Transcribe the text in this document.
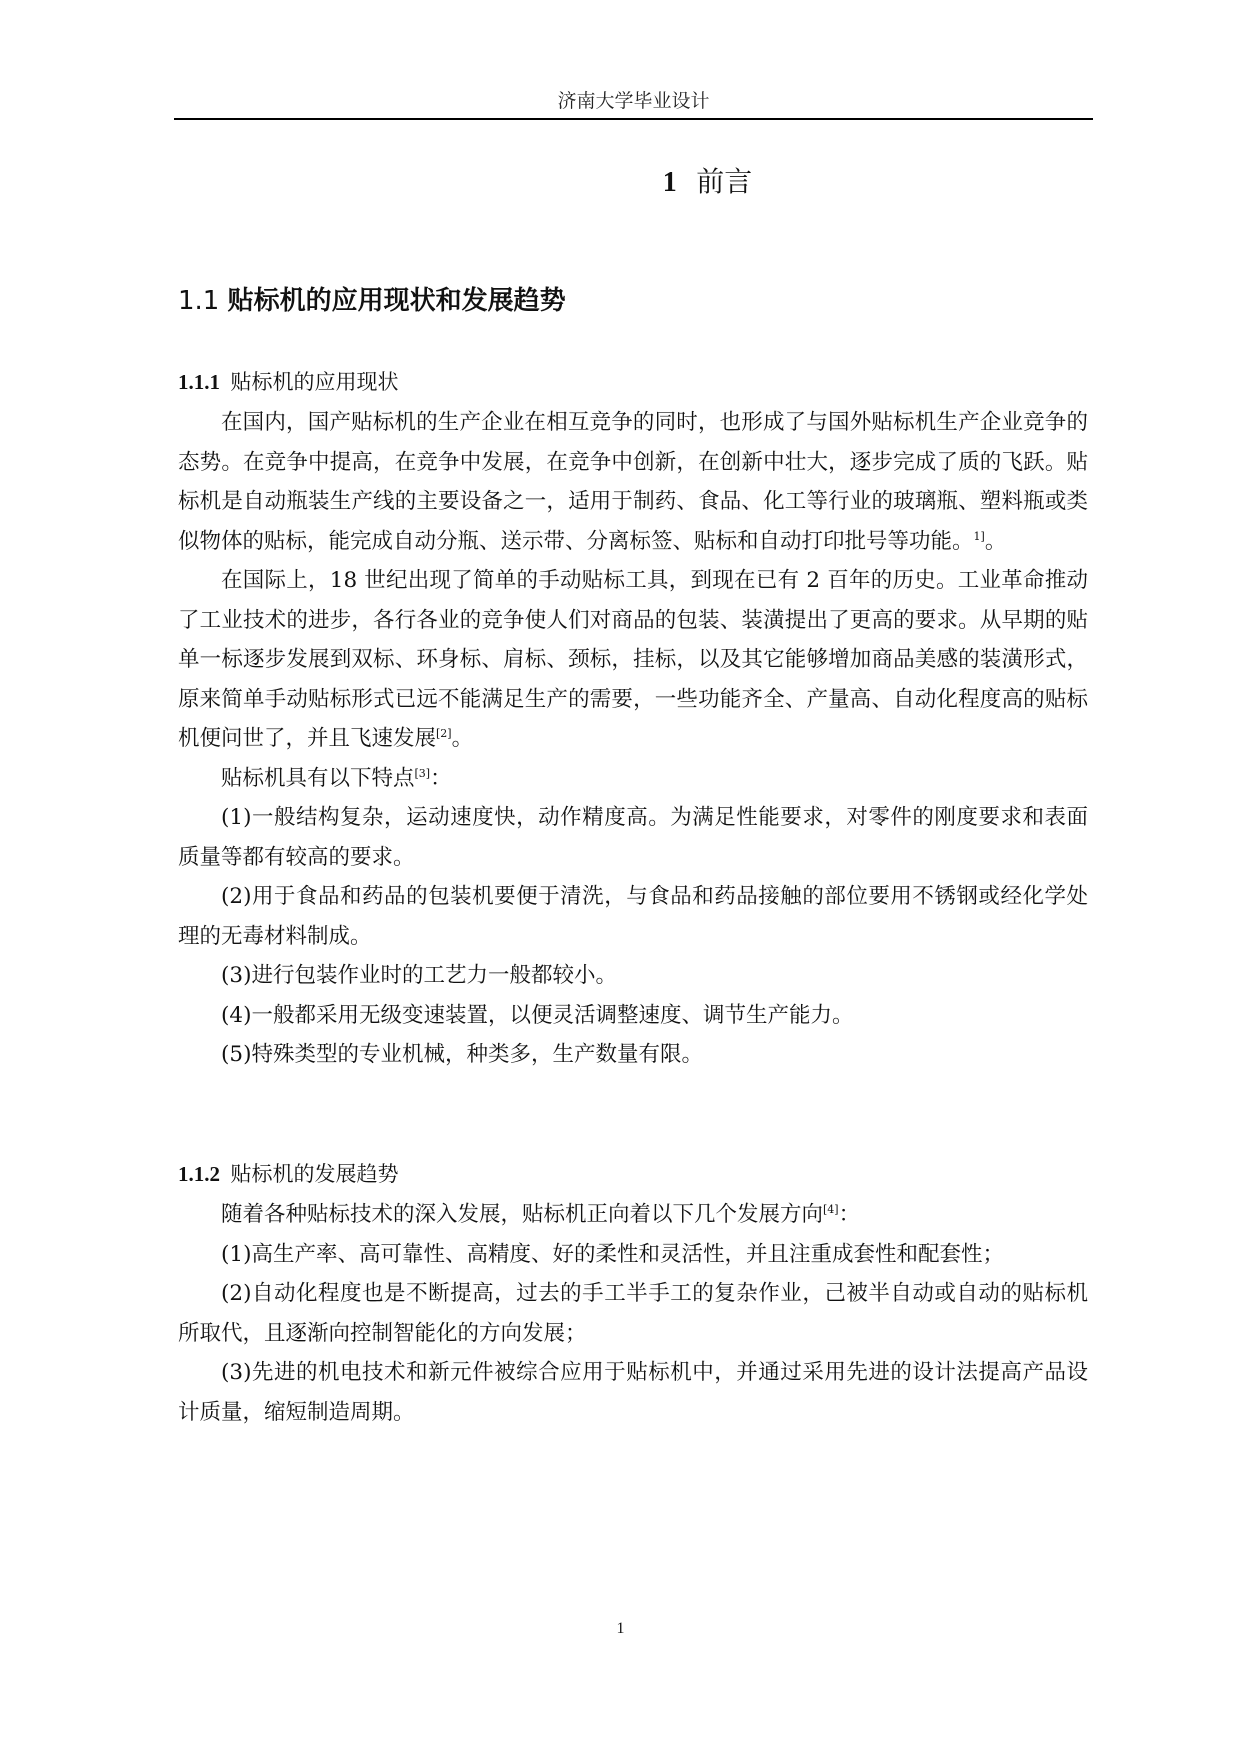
济南大学毕业设计
1 前言
1.1 贴标机的应用现状和发展趋势
1.1.1 贴标机的应用现状

在国内，国产贴标机的生产企业在相互竞争的同时，也形成了与国外贴标机生产企业竞争的态势。在竞争中提高，在竞争中发展，在竞争中创新，在创新中壮大，逐步完成了质的飞跃。贴标机是自动瓶装生产线的主要设备之一，适用于制药、食品、化工等行业的玻璃瓶、塑料瓶或类似物体的贴标，能完成自动分瓶、送示带、分离标签、贴标和自动打印批号等功能。$^{1]}$。

在国际上，18 世纪出现了简单的手动贴标工具，到现在已有 2 百年的历史。工业革命推动了工业技术的进步，各行各业的竞争使人们对商品的包装、装潢提出了更高的要求。从早期的贴单一标逐步发展到双标、环身标、肩标、颈标，挂标，以及其它能够增加商品美感的装潢形式，原来简单手动贴标形式已远不能满足生产的需要，一些功能齐全、产量高、自动化程度高的贴标机便问世了，并且飞速发展[2]。

贴标机具有以下特点[3]：

(1)一般结构复杂，运动速度快，动作精度高。为满足性能要求，对零件的刚度要求和表面质量等都有较高的要求。

(2)用于食品和药品的包装机要便于清洗，与食品和药品接触的部位要用不锈钢或经化学处理的无毒材料制成。

(3)进行包装作业时的工艺力一般都较小。

(4)一般都采用无级变速装置，以便灵活调整速度、调节生产能力。

(5)特殊类型的专业机械，种类多，生产数量有限。

1.1.2 贴标机的发展趋势

随着各种贴标技术的深入发展，贴标机正向着以下几个发展方向[4]：

(1)高生产率、高可靠性、高精度、好的柔性和灵活性，并且注重成套性和配套性；

(2)自动化程度也是不断提高，过去的手工半手工的复杂作业，己被半自动或自动的贴标机所取代，且逐渐向控制智能化的方向发展；

(3)先进的机电技术和新元件被综合应用于贴标机中，并通过采用先进的设计法提高产品设计质量，缩短制造周期。

1
